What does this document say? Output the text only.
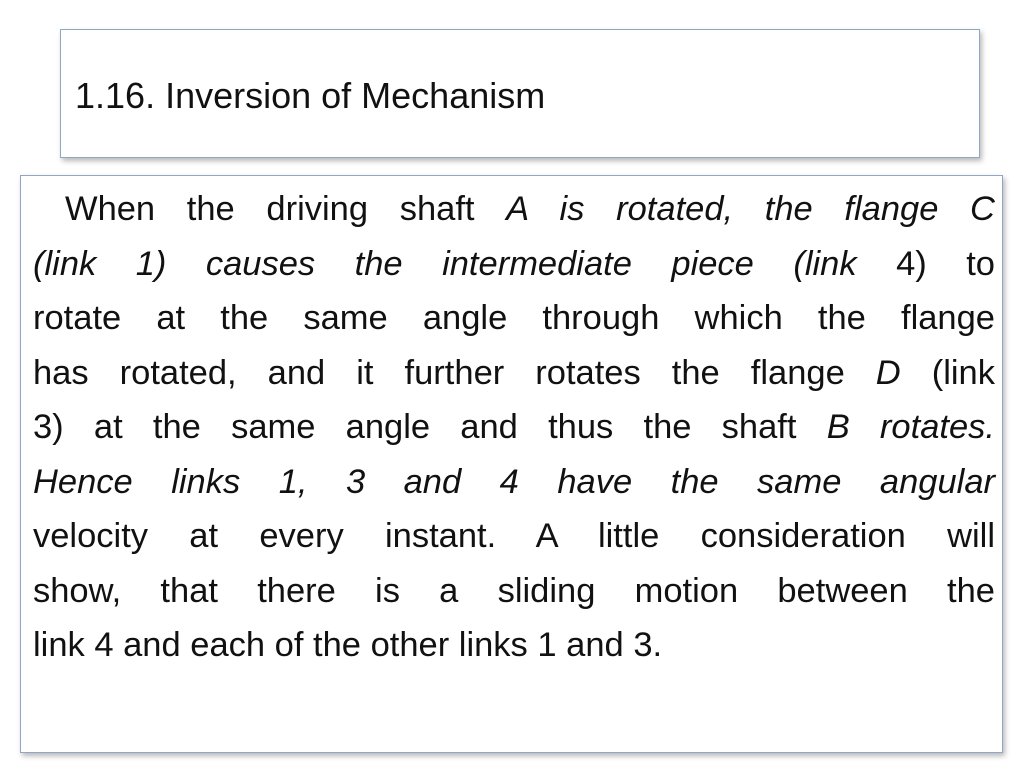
1.16. Inversion of Mechanism
When the driving shaft A is rotated, the flange C
(link 1) causes the intermediate piece (link 4) to
rotate at the same angle through which the flange
has rotated, and it further rotates the flange D (link
3) at the same angle and thus the shaft B rotates.
Hence links 1, 3 and 4 have the same angular
velocity at every instant. A little consideration will
show, that there is a sliding motion between the
link 4 and each of the other links 1 and 3.
